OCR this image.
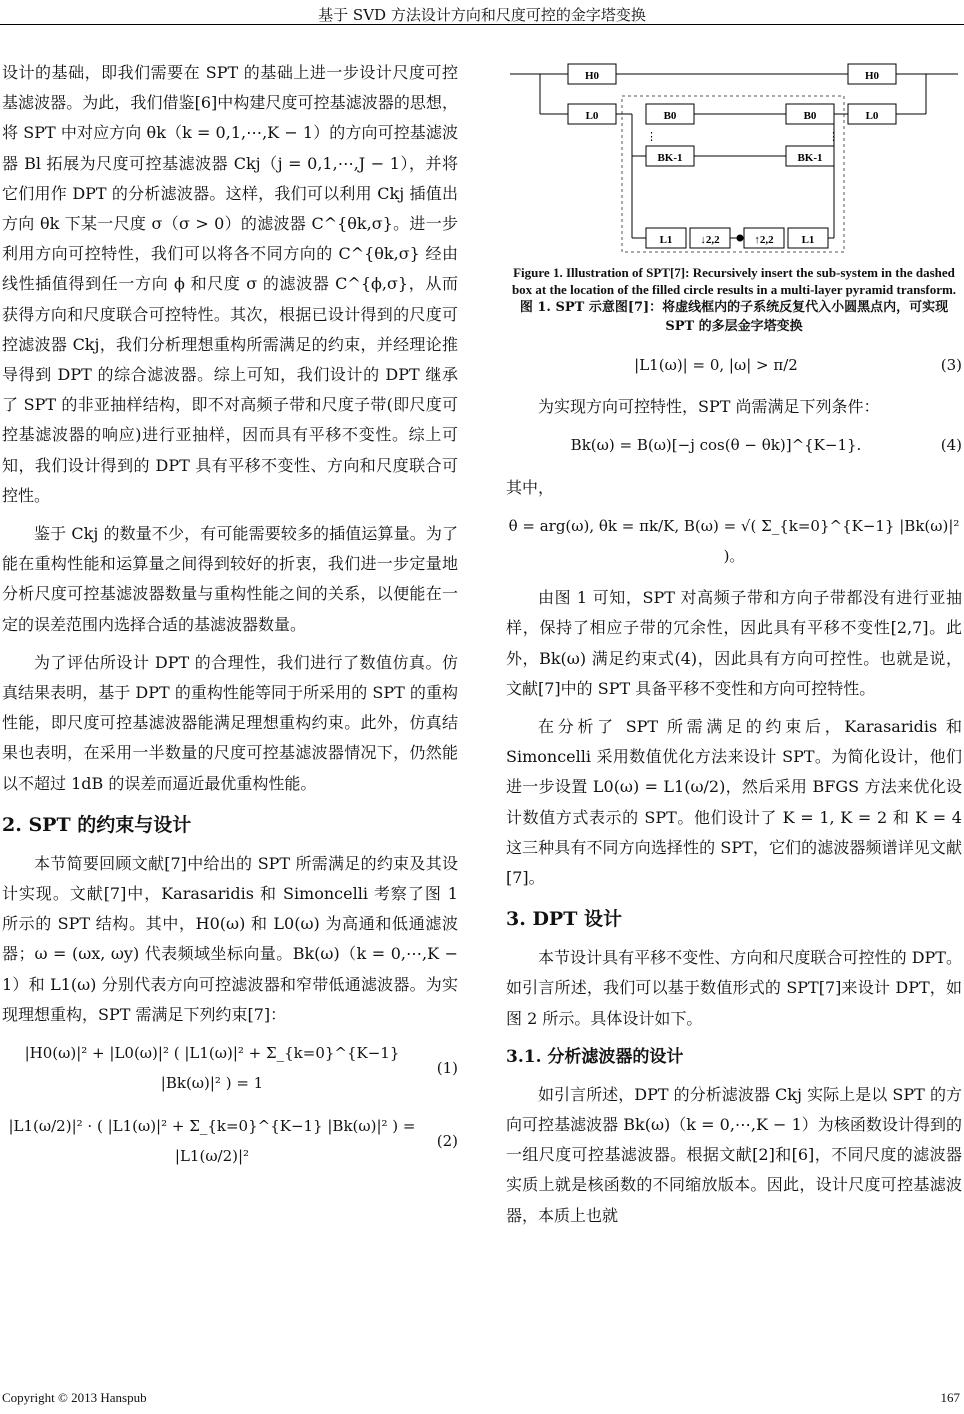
基于 SVD 方法设计方向和尺度可控的金字塔变换

设计的基础，即我们需要在 SPT 的基础上进一步设计尺度可控基滤波器。为此，我们借鉴[6]中构建尺度可控基滤波器的思想，将 SPT 中对应方向 θk（k = 0,1,⋯,K − 1）的方向可控基滤波器 Bl 拓展为尺度可控基滤波器 Ckj（j = 0,1,⋯,J − 1），并将它们用作 DPT 的分析滤波器。这样，我们可以利用 Ckj 插值出方向 θk 下某一尺度 σ（σ > 0）的滤波器 C^{θk,σ}。进一步利用方向可控特性，我们可以将各不同方向的 C^{θk,σ} 经由线性插值得到任一方向 ϕ 和尺度 σ 的滤波器 C^{ϕ,σ}，从而获得方向和尺度联合可控特性。其次，根据已设计得到的尺度可控滤波器 Ckj，我们分析理想重构所需满足的约束，并经理论推导得到 DPT 的综合滤波器。综上可知，我们设计的 DPT 继承了 SPT 的非亚抽样结构，即不对高频子带和尺度子带(即尺度可控基滤波器的响应)进行亚抽样，因而具有平移不变性。综上可知，我们设计得到的 DPT 具有平移不变性、方向和尺度联合可控性。

鉴于 Ckj 的数量不少，有可能需要较多的插值运算量。为了能在重构性能和运算量之间得到较好的折衷，我们进一步定量地分析尺度可控基滤波器数量与重构性能之间的关系，以便能在一定的误差范围内选择合适的基滤波器数量。

为了评估所设计 DPT 的合理性，我们进行了数值仿真。仿真结果表明，基于 DPT 的重构性能等同于所采用的 SPT 的重构性能，即尺度可控基滤波器能满足理想重构约束。此外，仿真结果也表明，在采用一半数量的尺度可控基滤波器情况下，仍然能以不超过 1dB 的误差而逼近最优重构性能。

2. SPT 的约束与设计

本节简要回顾文献[7]中给出的 SPT 所需满足的约束及其设计实现。文献[7]中，Karasaridis 和 Simoncelli 考察了图 1 所示的 SPT 结构。其中，H0(ω) 和 L0(ω) 为高通和低通滤波器；ω = (ωx, ωy) 代表频域坐标向量。Bk(ω)（k = 0,⋯,K − 1）和 L1(ω) 分别代表方向可控滤波器和窄带低通滤波器。为实现理想重构，SPT 需满足下列约束[7]：

|H0(ω)|² + |L0(ω)|² ( |L1(ω)|² + Σ_{k=0}^{K−1} |Bk(ω)|² ) = 1
(1)
|L1(ω/2)|² · ( |L1(ω)|² + Σ_{k=0}^{K−1} |Bk(ω)|² ) = |L1(ω/2)|²
(2)
H0	H0
L0	L0
B0	B0
⋮	⋮
BK-1	BK-1
L1	↓2,2	↑2,2	L1
Figure 1. Illustration of SPT[7]: Recursively insert the sub-system in the dashed box at the location of the filled circle results in a multi-layer pyramid transform.
图 1. SPT 示意图[7]：将虚线框内的子系统反复代入小圆黑点内，可实现 SPT 的多层金字塔变换
|L1(ω)| = 0, |ω| > π/2	(3)

为实现方向可控特性，SPT 尚需满足下列条件：

Bk(ω) = B(ω)[−j cos(θ − θk)]^{K−1}.	(4)

其中，

θ = arg(ω), θk = πk/K, B(ω) = √( Σ_{k=0}^{K−1} |Bk(ω)|² )。

由图 1 可知，SPT 对高频子带和方向子带都没有进行亚抽样，保持了相应子带的冗余性，因此具有平移不变性[2,7]。此外，Bk(ω) 满足约束式(4)，因此具有方向可控性。也就是说，文献[7]中的 SPT 具备平移不变性和方向可控特性。

在分析了 SPT 所需满足的约束后，Karasaridis 和 Simoncelli 采用数值优化方法来设计 SPT。为简化设计，他们进一步设置 L0(ω) = L1(ω/2)，然后采用 BFGS 方法来优化设计数值方式表示的 SPT。他们设计了 K = 1, K = 2 和 K = 4 这三种具有不同方向选择性的 SPT，它们的滤波器频谱详见文献[7]。

3. DPT 设计

本节设计具有平移不变性、方向和尺度联合可控性的 DPT。如引言所述，我们可以基于数值形式的 SPT[7]来设计 DPT，如图 2 所示。具体设计如下。

3.1. 分析滤波器的设计

如引言所述，DPT 的分析滤波器 Ckj 实际上是以 SPT 的方向可控基滤波器 Bk(ω)（k = 0,⋯,K − 1）为核函数设计得到的一组尺度可控基滤波器。根据文献[2]和[6]，不同尺度的滤波器实质上就是核函数的不同缩放版本。因此，设计尺度可控基滤波器，本质上也就

Copyright © 2013 Hanspub	167
